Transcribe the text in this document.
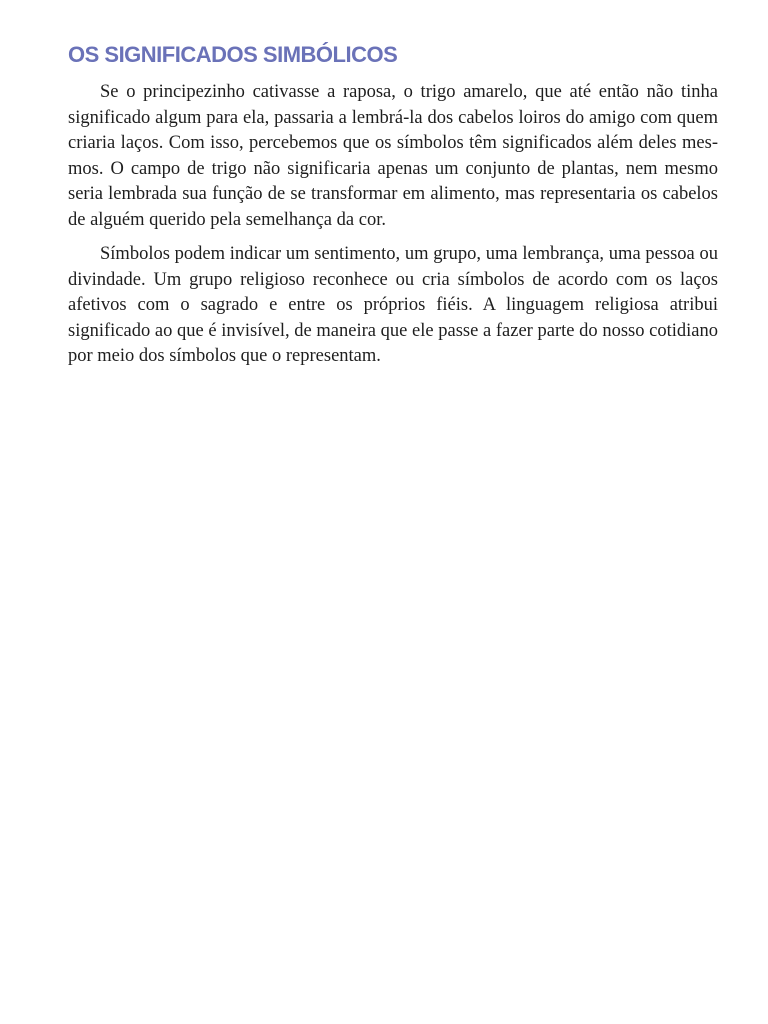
OS SIGNIFICADOS SIMBÓLICOS

Se o principezinho cativasse a raposa, o trigo amarelo, que até então não tinha significado algum para ela, passaria a lembrá-la dos cabelos loiros do amigo com quem criaria laços. Com isso, percebemos que os símbolos têm significados além deles mesmos. O campo de trigo não significaria apenas um conjunto de plantas, nem mesmo seria lembrada sua função de se transformar em alimento, mas representaria os cabelos de alguém querido pela semelhança da cor.

Símbolos podem indicar um sentimento, um grupo, uma lembrança, uma pessoa ou divindade. Um grupo religioso reconhece ou cria símbolos de acordo com os laços afetivos com o sagrado e entre os próprios fiéis. A linguagem religiosa atribui significado ao que é invisível, de maneira que ele passe a fazer parte do nosso cotidiano por meio dos símbolos que o representam.
